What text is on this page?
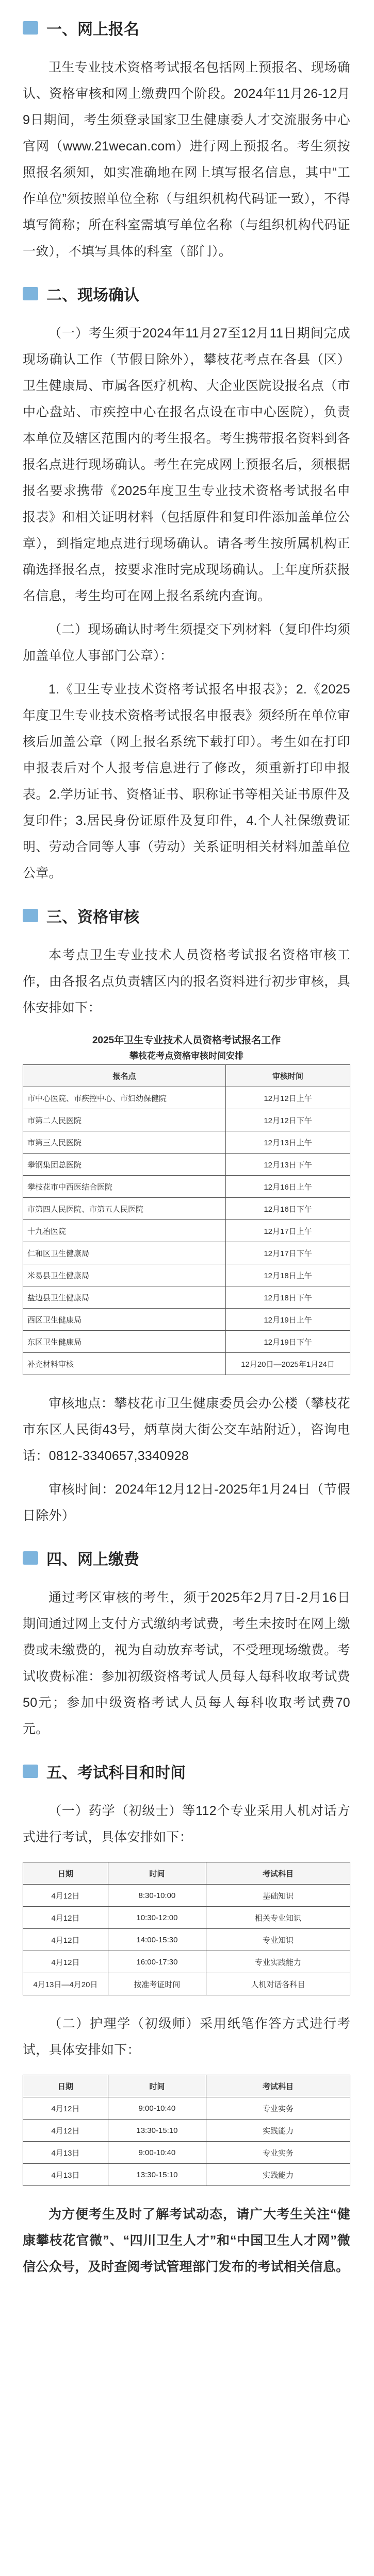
一、网上报名

卫生专业技术资格考试报名包括网上预报名、现场确认、资格审核和网上缴费四个阶段。2024年11月26-12月9日期间，考生须登录国家卫生健康委人才交流服务中心官网（www.21wecan.com）进行网上预报名。考生须按照报名须知，如实准确地在网上填写报名信息，其中“工作单位”须按照单位全称（与组织机构代码证一致），不得填写简称；所在科室需填写单位名称（与组织机构代码证一致），不填写具体的科室（部门）。

二、现场确认

（一）考生须于2024年11月27至12月11日期间完成现场确认工作（节假日除外），攀枝花考点在各县（区）卫生健康局、市属各医疗机构、大企业医院设报名点（市中心盘站、市疾控中心在报名点设在市中心医院），负责本单位及辖区范围内的考生报名。考生携带报名资料到各报名点进行现场确认。考生在完成网上预报名后，须根据报名要求携带《2025年度卫生专业技术资格考试报名申报表》和相关证明材料（包括原件和复印件添加盖单位公章），到指定地点进行现场确认。请各考生按所属机构正确选择报名点，按要求准时完成现场确认。上年度所获报名信息，考生均可在网上报名系统内查询。

（二）现场确认时考生须提交下列材料（复印件均须加盖单位人事部门公章）：

1.《卫生专业技术资格考试报名申报表》；2.《2025年度卫生专业技术资格考试报名申报表》须经所在单位审核后加盖公章（网上报名系统下载打印）。考生如在打印申报表后对个人报考信息进行了修改，须重新打印申报表。2.学历证书、资格证书、职称证书等相关证书原件及复印件；3.居民身份证原件及复印件，4.个人社保缴费证明、劳动合同等人事（劳动）关系证明相关材料加盖单位公章。

三、资格审核

本考点卫生专业技术人员资格考试报名资格审核工作，由各报名点负责辖区内的报名资料进行初步审核，具体安排如下：

2025年卫生专业技术人员资格考试报名工作
攀枝花考点资格审核时间安排
报名点	审核时间
市中心医院、市疾控中心、市妇幼保健院	12月12日上午
市第二人民医院	12月12日下午
市第三人民医院	12月13日上午
攀钢集团总医院	12月13日下午
攀枝花市中西医结合医院	12月16日上午
市第四人民医院、市第五人民医院	12月16日下午
十九冶医院	12月17日上午
仁和区卫生健康局	12月17日下午
米易县卫生健康局	12月18日上午
盐边县卫生健康局	12月18日下午
西区卫生健康局	12月19日上午
东区卫生健康局	12月19日下午
补充材料审核	12月20日—2025年1月24日

审核地点：攀枝花市卫生健康委员会办公楼（攀枝花市东区人民街43号，炳草岗大街公交车站附近），咨询电话：0812-3340657,3340928

审核时间：2024年12月12日-2025年1月24日（节假日除外）

四、网上缴费

通过考区审核的考生，须于2025年2月7日-2月16日期间通过网上支付方式缴纳考试费，考生未按时在网上缴费或未缴费的，视为自动放弃考试，不受理现场缴费。考试收费标准：参加初级资格考试人员每人每科收取考试费50元；参加中级资格考试人员每人每科收取考试费70元。

五、考试科目和时间

（一）药学（初级士）等112个专业采用人机对话方式进行考试，具体安排如下：

日期	时间	考试科目
4月12日	8:30-10:00	基础知识
4月12日	10:30-12:00	相关专业知识
4月12日	14:00-15:30	专业知识
4月12日	16:00-17:30	专业实践能力
4月13日—4月20日	按准考证时间	人机对话各科目

（二）护理学（初级师）采用纸笔作答方式进行考试，具体安排如下：

日期	时间	考试科目
4月12日	9:00-10:40	专业实务
4月12日	13:30-15:10	实践能力
4月13日	9:00-10:40	专业实务
4月13日	13:30-15:10	实践能力

为方便考生及时了解考试动态，请广大考生关注“健康攀枝花官微”、“四川卫生人才”和“中国卫生人才网”微信公众号，及时查阅考试管理部门发布的考试相关信息。
